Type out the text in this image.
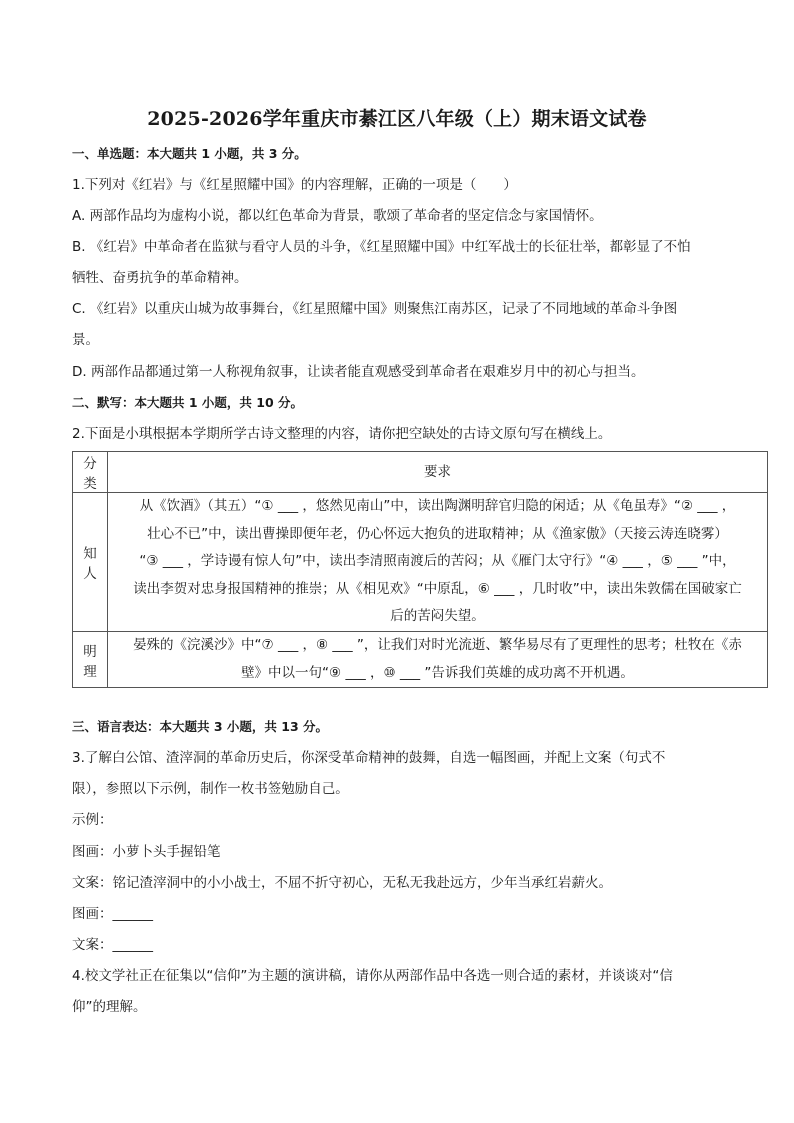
2025-2026学年重庆市綦江区八年级（上）期末语文试卷
一、单选题：本大题共 1 小题，共 3 分。
1.下列对《红岩》与《红星照耀中国》的内容理解，正确的一项是（　　）
A. 两部作品均为虚构小说，都以红色革命为背景，歌颂了革命者的坚定信念与家国情怀。
B. 《红岩》中革命者在监狱与看守人员的斗争，《红星照耀中国》中红军战士的长征壮举，都彰显了不怕
牺牲、奋勇抗争的革命精神。
C. 《红岩》以重庆山城为故事舞台，《红星照耀中国》则聚焦江南苏区，记录了不同地域的革命斗争图
景。
D. 两部作品都通过第一人称视角叙事，让读者能直观感受到革命者在艰难岁月中的初心与担当。
二、默写：本大题共 1 小题，共 10 分。
2.下面是小琪根据本学期所学古诗文整理的内容，请你把空缺处的古诗文原句写在横线上。
分类	要求
知人	从《饮酒》（其五）“① ___ ，悠然见南山”中，读出陶渊明辞官归隐的闲适；从《龟虽寿》“② ___ ，
壮心不已”中，读出曹操即便年老，仍心怀远大抱负的进取精神；从《渔家傲》（天接云涛连晓雾）
“③ ___ ，学诗谩有惊人句”中，读出李清照南渡后的苦闷；从《雁门太守行》“④ ___ ，⑤ ___ ”中，
读出李贺对忠身报国精神的推崇；从《相见欢》“中原乱，⑥ ___ ，几时收”中，读出朱敦儒在国破家亡
后的苦闷失望。

明理	晏殊的《浣溪沙》中“⑦ ___ ，⑧ ___ ”，让我们对时光流逝、繁华易尽有了更理性的思考；杜牧在《赤
壁》中以一句“⑨ ___ ，⑩ ___ ”告诉我们英雄的成功离不开机遇。
三、语言表达：本大题共 3 小题，共 13 分。
3.了解白公馆、渣滓洞的革命历史后，你深受革命精神的鼓舞，自选一幅图画，并配上文案（句式不
限），参照以下示例，制作一枚书签勉励自己。
示例：
图画：小萝卜头手握铅笔
文案：铭记渣滓洞中的小小战士，不屈不折守初心，无私无我赴远方，少年当承红岩薪火。
图画：______
文案：______
4.校文学社正在征集以“信仰”为主题的演讲稿，请你从两部作品中各选一则合适的素材，并谈谈对“信
仰”的理解。
